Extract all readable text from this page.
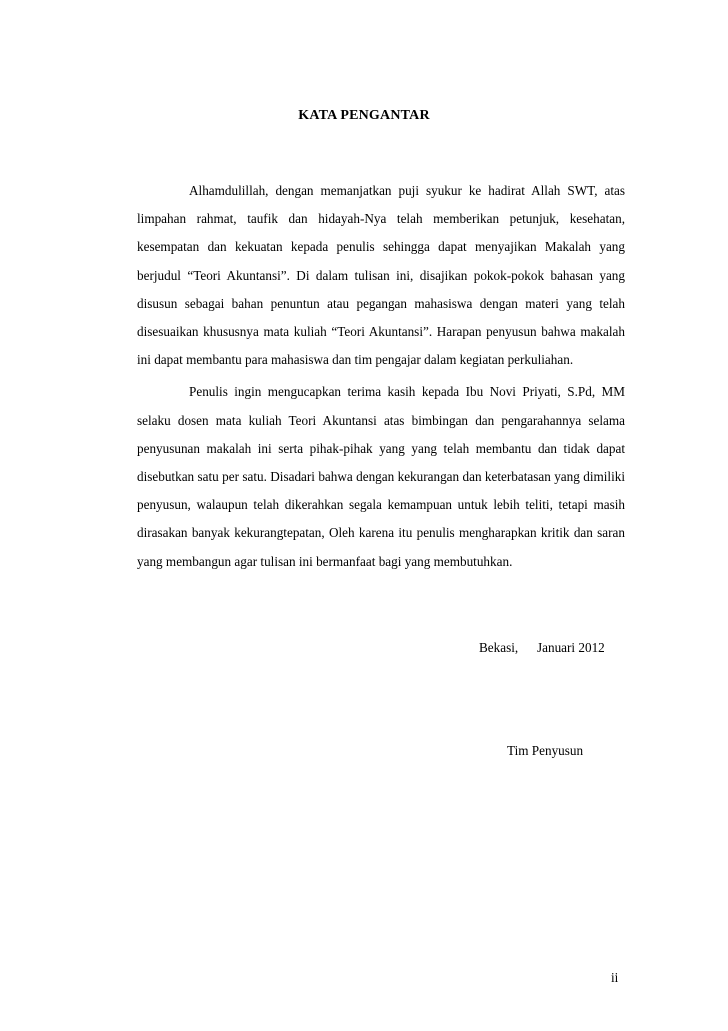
KATA PENGANTAR

Alhamdulillah, dengan memanjatkan puji syukur ke hadirat Allah SWT, atas limpahan rahmat, taufik dan hidayah-Nya telah memberikan petunjuk, kesehatan, kesempatan dan kekuatan kepada penulis sehingga dapat menyajikan Makalah yang berjudul “Teori Akuntansi”. Di dalam tulisan ini, disajikan pokok-pokok bahasan yang disusun sebagai bahan penuntun atau pegangan mahasiswa dengan materi yang telah disesuaikan khususnya mata kuliah “Teori Akuntansi”. Harapan penyusun bahwa makalah ini dapat membantu para mahasiswa dan tim pengajar dalam kegiatan perkuliahan.

Penulis ingin mengucapkan terima kasih kepada Ibu Novi Priyati, S.Pd, MM selaku dosen mata kuliah Teori Akuntansi atas bimbingan dan pengarahannya selama penyusunan makalah ini serta pihak-pihak yang yang telah membantu dan tidak dapat disebutkan satu per satu. Disadari bahwa dengan kekurangan dan keterbatasan yang dimiliki penyusun, walaupun telah dikerahkan segala kemampuan untuk lebih teliti, tetapi masih dirasakan banyak kekurangtepatan, Oleh karena itu penulis mengharapkan kritik dan saran yang membangun agar tulisan ini bermanfaat bagi yang membutuhkan.

Bekasi, Januari 2012
Tim Penyusun
ii
